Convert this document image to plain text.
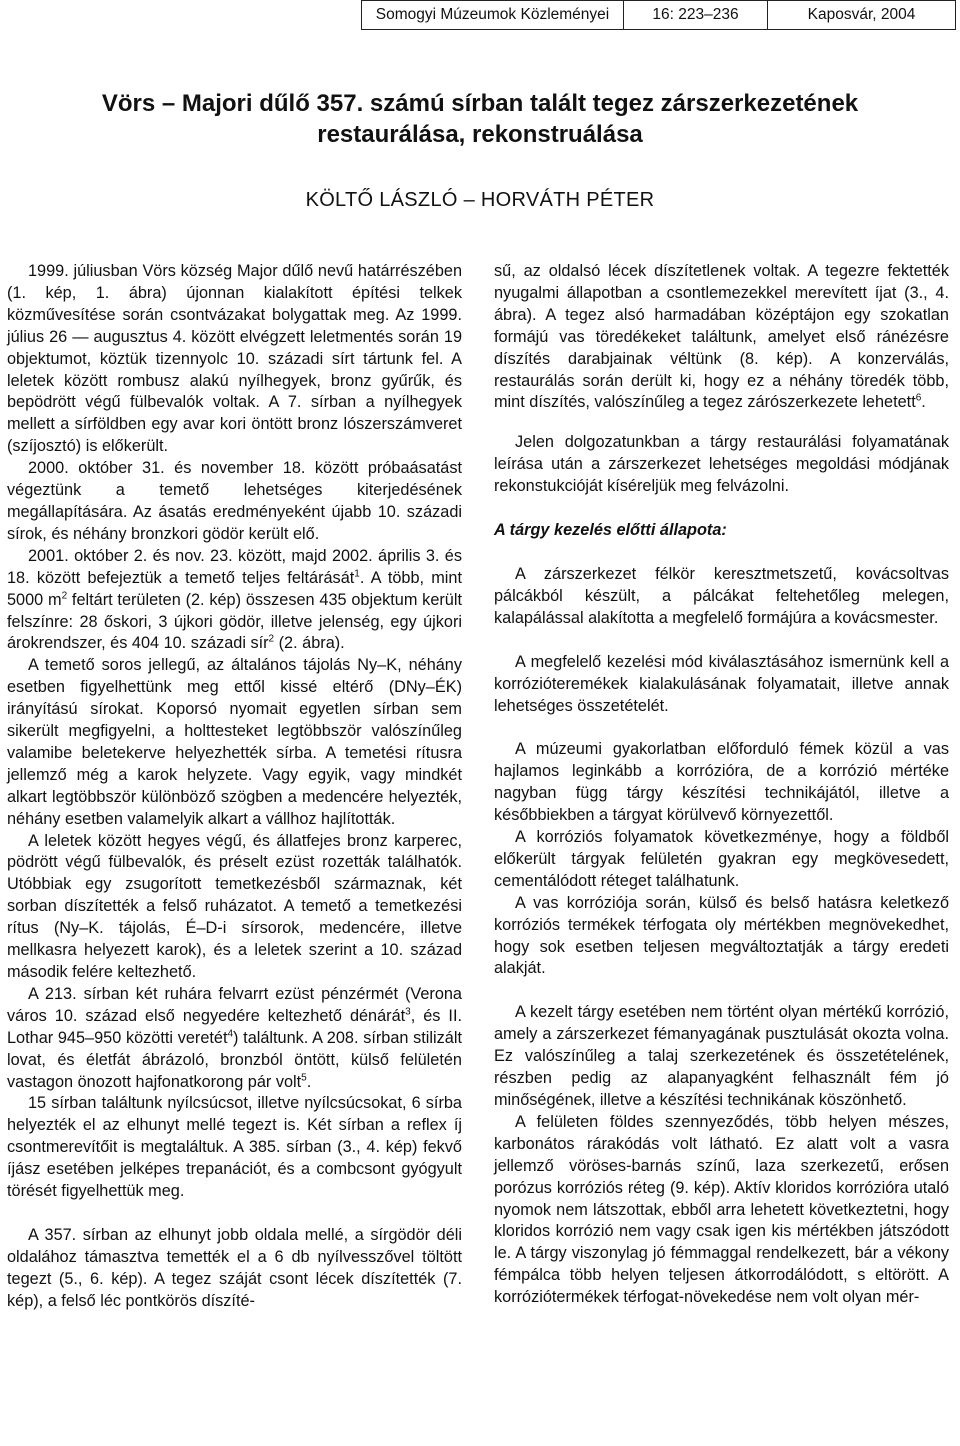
Somogyi Múzeumok Közleményei	16: 223–236	Kaposvár, 2004
Vörs – Majori dűlő 357. számú sírban talált tegez zárszerkezetének
restaurálása, rekonstruálása
KÖLTŐ LÁSZLÓ – HORVÁTH PÉTER

1999. júliusban Vörs község Major dűlő nevű határrészében (1. kép, 1. ábra) újonnan kialakított építési telkek közművesítése során csontvázakat bolygattak meg. Az 1999. július 26 — augusztus 4. között elvégzett leletmentés során 19 objektumot, köztük tizennyolc 10. századi sírt tártunk fel. A leletek között rombusz alakú nyílhegyek, bronz gyűrűk, és bepödrött végű fülbevalók voltak. A 7. sírban a nyílhegyek mellett a sírföldben egy avar kori öntött bronz lószerszámveret (szíjosztó) is előkerült.

2000. október 31. és november 18. között próbaásatást végeztünk a temető lehetséges kiterjedésének megállapítására. Az ásatás eredményeként újabb 10. századi sírok, és néhány bronzkori gödör került elő.

2001. október 2. és nov. 23. között, majd 2002. április 3. és 18. között befejeztük a temető teljes feltárását$^1$. A több, mint 5000 $m^2$ feltárt területen (2. kép) összesen 435 objektum került felszínre: 28 őskori, 3 újkori gödör, illetve jelenség, egy újkori árokrendszer, és 404 10. századi sír$^2$ (2. ábra).

A temető soros jellegű, az általános tájolás Ny–K, néhány esetben figyelhettünk meg ettől kissé eltérő (DNy–ÉK) irányítású sírokat. Koporsó nyomait egyetlen sírban sem sikerült megfigyelni, a holttesteket legtöbbször valószínűleg valamibe beletekerve helyezhették sírba. A temetési rítusra jellemző még a karok helyzete. Vagy egyik, vagy mindkét alkart legtöbbször különböző szögben a medencére helyezték, néhány esetben valamelyik alkart a vállhoz hajlították.

A leletek között hegyes végű, és állatfejes bronz karperec, pödrött végű fülbevalók, és préselt ezüst rozetták találhatók. Utóbbiak egy zsugorított temetkezésből származnak, két sorban díszítették a felső ruházatot. A temető a temetkezési rítus (Ny–K. tájolás, É–D-i sírsorok, medencére, illetve mellkasra helyezett karok), és a leletek szerint a 10. század második felére keltezhető.

A 213. sírban két ruhára felvarrt ezüst pénzérmét (Verona város 10. század első negyedére keltezhető dénárát$^3$, és II. Lothar 945–950 közötti veretét$^4$) találtunk. A 208. sírban stilizált lovat, és életfát ábrázoló, bronzból öntött, külső felületén vastagon önozott hajfonatkorong pár volt$^5$.

15 sírban találtunk nyílcsúcsot, illetve nyílcsúcsokat, 6 sírba helyezték el az elhunyt mellé tegezt is. Két sírban a reflex íj csontmerevítőit is megtaláltuk. A 385. sírban (3., 4. kép) fekvő íjász esetében jelképes trepanációt, és a combcsont gyógyult törését figyelhettük meg.

A 357. sírban az elhunyt jobb oldala mellé, a sírgödör déli oldalához támasztva temették el a 6 db nyílvesszővel töltött tegezt (5., 6. kép). A tegez száját csont lécek díszítették (7. kép), a felső léc pontkörös díszíté-

sű, az oldalsó lécek díszítetlenek voltak. A tegezre fektették nyugalmi állapotban a csontlemezekkel merevített íjat (3., 4. ábra). A tegez alsó harmadában középtájon egy szokatlan formájú vas töredékeket találtunk, amelyet első ránézésre díszítés darabjainak véltünk (8. kép). A konzerválás, restaurálás során derült ki, hogy ez a néhány töredék több, mint díszítés, valószínűleg a tegez zárószerkezete lehetett$^6$.

Jelen dolgozatunkban a tárgy restaurálási folyamatának leírása után a zárszerkezet lehetséges megoldási módjának rekonstukcióját kíséreljük meg felvázolni.

A tárgy kezelés előtti állapota:

A zárszerkezet félkör keresztmetszetű, kovácsoltvas pálcákból készült, a pálcákat feltehetőleg melegen, kalapálással alakította a megfelelő formájúra a kovácsmester.

A megfelelő kezelési mód kiválasztásához ismernünk kell a korrózióteremékek kialakulásának folyamatait, illetve annak lehetséges összetételét.

A múzeumi gyakorlatban előforduló fémek közül a vas hajlamos leginkább a korrózióra, de a korrózió mértéke nagyban függ tárgy készítési technikájától, illetve a későbbiekben a tárgyat körülvevő környezettől.

A korróziós folyamatok következménye, hogy a földből előkerült tárgyak felületén gyakran egy megkövesedett, cementálódott réteget találhatunk.

A vas korróziója során, külső és belső hatásra keletkező korróziós termékek térfogata oly mértékben megnövekedhet, hogy sok esetben teljesen megváltoztatják a tárgy eredeti alakját.

A kezelt tárgy esetében nem történt olyan mértékű korrózió, amely a zárszerkezet fémanyagának pusztulását okozta volna. Ez valószínűleg a talaj szerkezetének és összetételének, részben pedig az alapanyagként felhasznált fém jó minőségének, illetve a készítési technikának köszönhető.

A felületen földes szennyeződés, több helyen mészes, karbonátos rárakódás volt látható. Ez alatt volt a vasra jellemző vöröses-barnás színű, laza szerkezetű, erősen porózus korróziós réteg (9. kép). Aktív kloridos korrózióra utaló nyomok nem látszottak, ebből arra lehetett következtetni, hogy kloridos korrózió nem vagy csak igen kis mértékben játszódott le. A tárgy viszonylag jó fémmaggal rendelkezett, bár a vékony fémpálca több helyen teljesen átkorrodálódott, s eltörött. A korróziótermékek térfogat-növekedése nem volt olyan mér-
